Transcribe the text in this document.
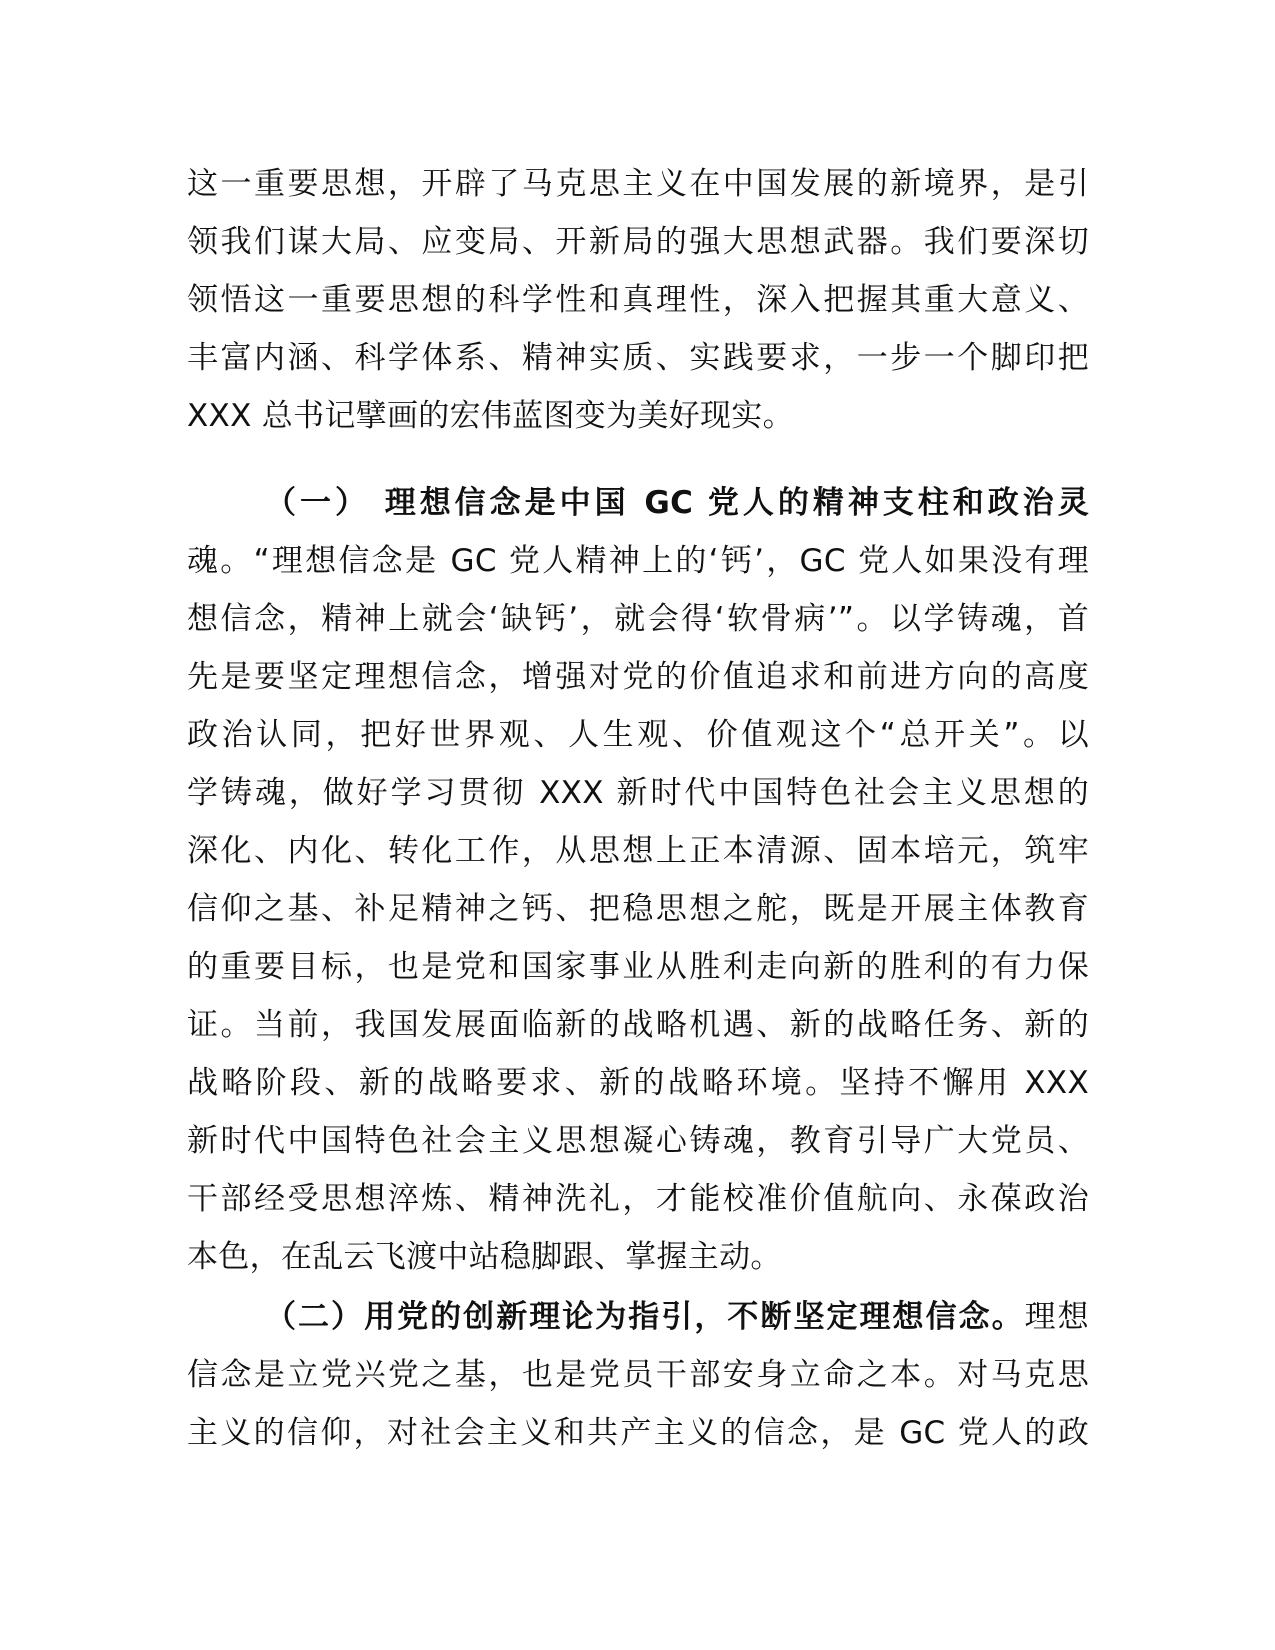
这一重要思想，开辟了马克思主义在中国发展的新境界，是引
领我们谋大局、应变局、开新局的强大思想武器。我们要深切
领悟这一重要思想的科学性和真理性，深入把握其重大意义、
丰富内涵、科学体系、精神实质、实践要求，一步一个脚印把
XXX 总书记擘画的宏伟蓝图变为美好现实。
（一） 理想信念是中国 GC 党人的精神支柱和政治灵
魂。“理想信念是 GC 党人精神上的‘钙’，GC 党人如果没有理
想信念，精神上就会‘缺钙’，就会得‘软骨病’”。以学铸魂，首
先是要坚定理想信念，增强对党的价值追求和前进方向的高度
政治认同，把好世界观、人生观、价值观这个“总开关”。以
学铸魂，做好学习贯彻 XXX 新时代中国特色社会主义思想的
深化、内化、转化工作，从思想上正本清源、固本培元，筑牢
信仰之基、补足精神之钙、把稳思想之舵，既是开展主体教育
的重要目标，也是党和国家事业从胜利走向新的胜利的有力保
证。当前，我国发展面临新的战略机遇、新的战略任务、新的
战略阶段、新的战略要求、新的战略环境。坚持不懈用 XXX
新时代中国特色社会主义思想凝心铸魂，教育引导广大党员、
干部经受思想淬炼、精神洗礼，才能校准价值航向、永葆政治
本色，在乱云飞渡中站稳脚跟、掌握主动。
（二）用党的创新理论为指引，不断坚定理想信念。理想
信念是立党兴党之基，也是党员干部安身立命之本。对马克思
主义的信仰，对社会主义和共产主义的信念，是 GC 党人的政
